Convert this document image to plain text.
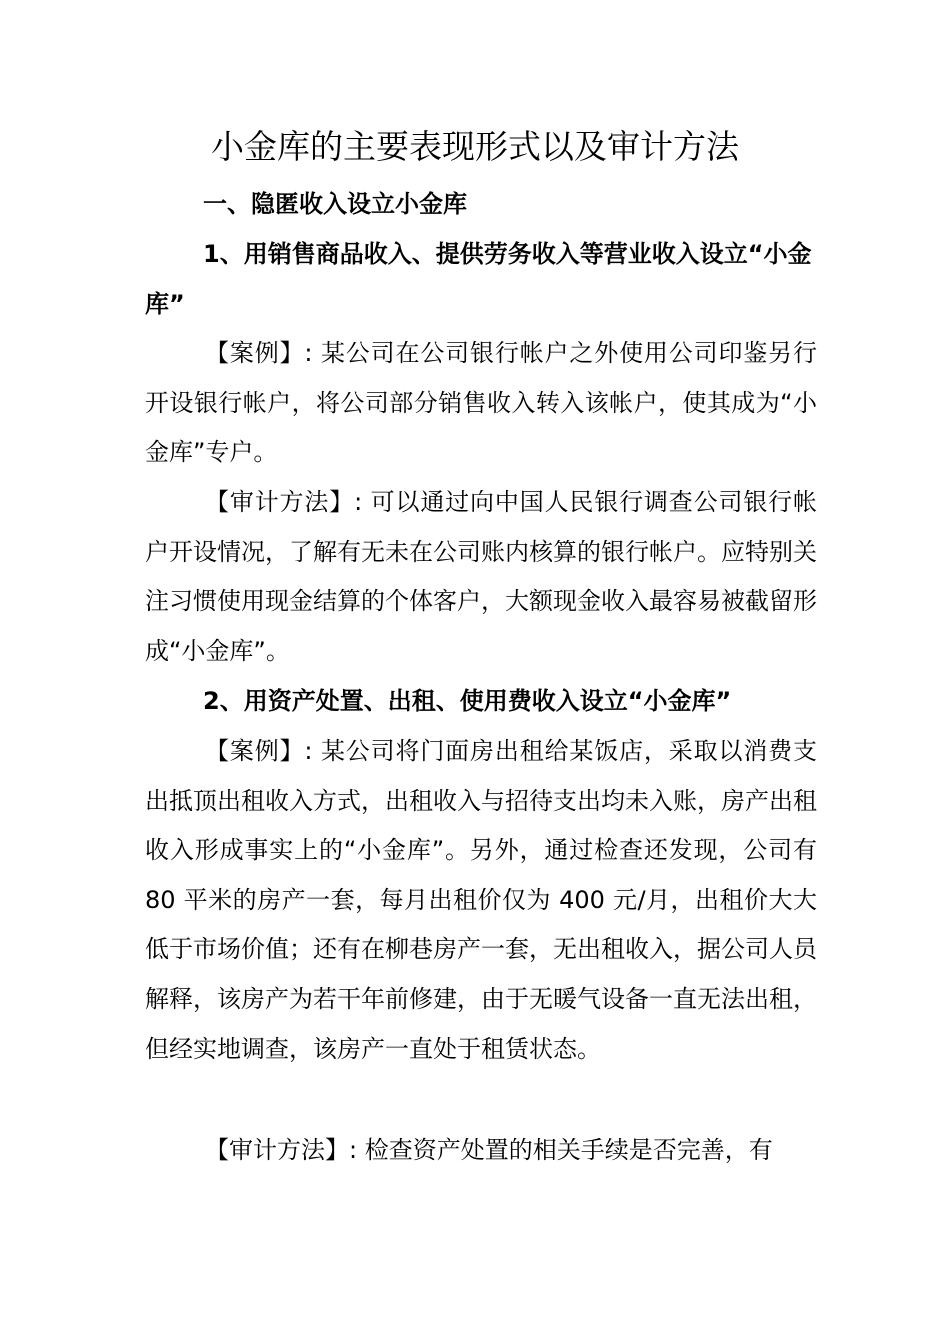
小金库的主要表现形式以及审计方法
一、隐匿收入设立小金库
1、用销售商品收入、提供劳务收入等营业收入设立“小金库”
【案例】: 某公司在公司银行帐户之外使用公司印鉴另行开设银行帐户，将公司部分销售收入转入该帐户，使其成为“小金库”专户。
【审计方法】: 可以通过向中国人民银行调查公司银行帐户开设情况，了解有无未在公司账内核算的银行帐户。应特别关注习惯使用现金结算的个体客户，大额现金收入最容易被截留形成“小金库”。
2、用资产处置、出租、使用费收入设立“小金库”
【案例】: 某公司将门面房出租给某饭店，采取以消费支出抵顶出租收入方式，出租收入与招待支出均未入账，房产出租收入形成事实上的“小金库”。另外，通过检查还发现，公司有 80 平米的房产一套，每月出租价仅为 400 元/月，出租价大大低于市场价值；还有在柳巷房产一套，无出租收入，据公司人员解释，该房产为若干年前修建，由于无暖气设备一直无法出租，但经实地调查，该房产一直处于租赁状态。
【审计方法】: 检查资产处置的相关手续是否完善，有
